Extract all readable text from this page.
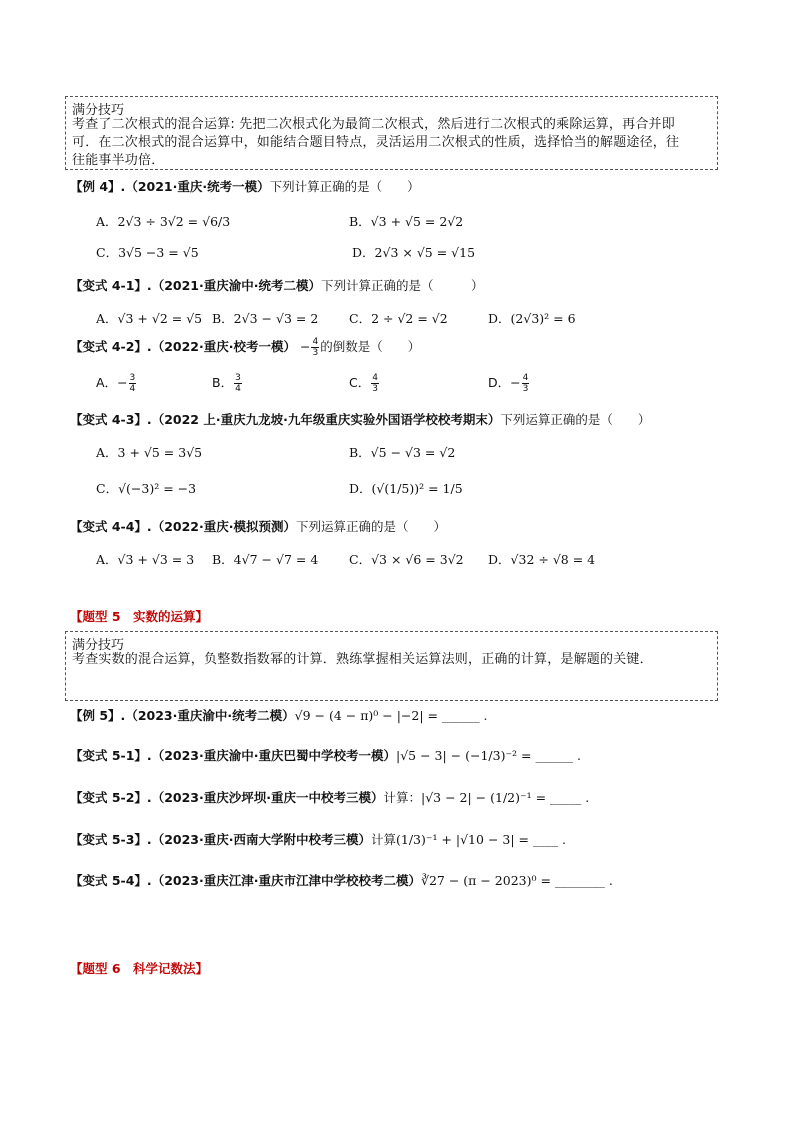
满分技巧
考查了二次根式的混合运算: 先把二次根式化为最简二次根式，然后进行二次根式的乘除运算，再合并即
可．在二次根式的混合运算中，如能结合题目特点，灵活运用二次根式的性质，选择恰当的解题途径，往
往能事半功倍．
【例 4】.（2021·重庆·统考一模）下列计算正确的是（　　）
A．2√3 ÷ 3√2 = √6/3	B．√3 + √5 = 2√2
C．3√5 −3 = √5	D．2√3 × √5 = √15
【变式 4-1】.（2021·重庆渝中·统考二模）下列计算正确的是（　　　）
A．√3 + √2 = √5 B．2√3 − √3 = 2 C．2 ÷ √2 = √2	D．(2√3)² = 6
【变式 4-2】.（2022·重庆·校考一模） − $\frac{4}{3}$ 的倒数是（　　）
A．− $\frac{3}{4}$	B． $\frac{3}{4}$	C． $\frac{4}{3}$	D．− $\frac{4}{3}$
【变式 4-3】.（2022 上·重庆九龙坡·九年级重庆实验外国语学校校考期末）下列运算正确的是（　　）
A．3 + √5 = 3√5	B．√5 − √3 = √2
C．√(−3)² = −3	D．(√(1/5))² = 1/5
【变式 4-4】.（2022·重庆·模拟预测）下列运算正确的是（　　）
A．√3 + √3 = 3 B．4√7 − √7 = 4 C．√3 × √6 = 3√2 D．√32 ÷ √8 = 4
【题型 5　实数的运算】
满分技巧
考查实数的混合运算，负整数指数幂的计算．熟练掌握相关运算法则，正确的计算，是解题的关键．
【例 5】.（2023·重庆渝中·统考二模）√9 − (4 − π)⁰ − |−2| = ______ .
【变式 5-1】.（2023·重庆渝中·重庆巴蜀中学校考一模）|√5 − 3| − (−1/3)⁻² = ______ .
【变式 5-2】.（2023·重庆沙坪坝·重庆一中校考三模）计算：|√3 − 2| − (1/2)⁻¹ = _____ .
【变式 5-3】.（2023·重庆·西南大学附中校考三模）计算(1/3)⁻¹ + |√10 − 3| = ____ .
【变式 5-4】.（2023·重庆江津·重庆市江津中学校校考二模）∛27 − (π − 2023)⁰ = ________ .
【题型 6　科学记数法】
